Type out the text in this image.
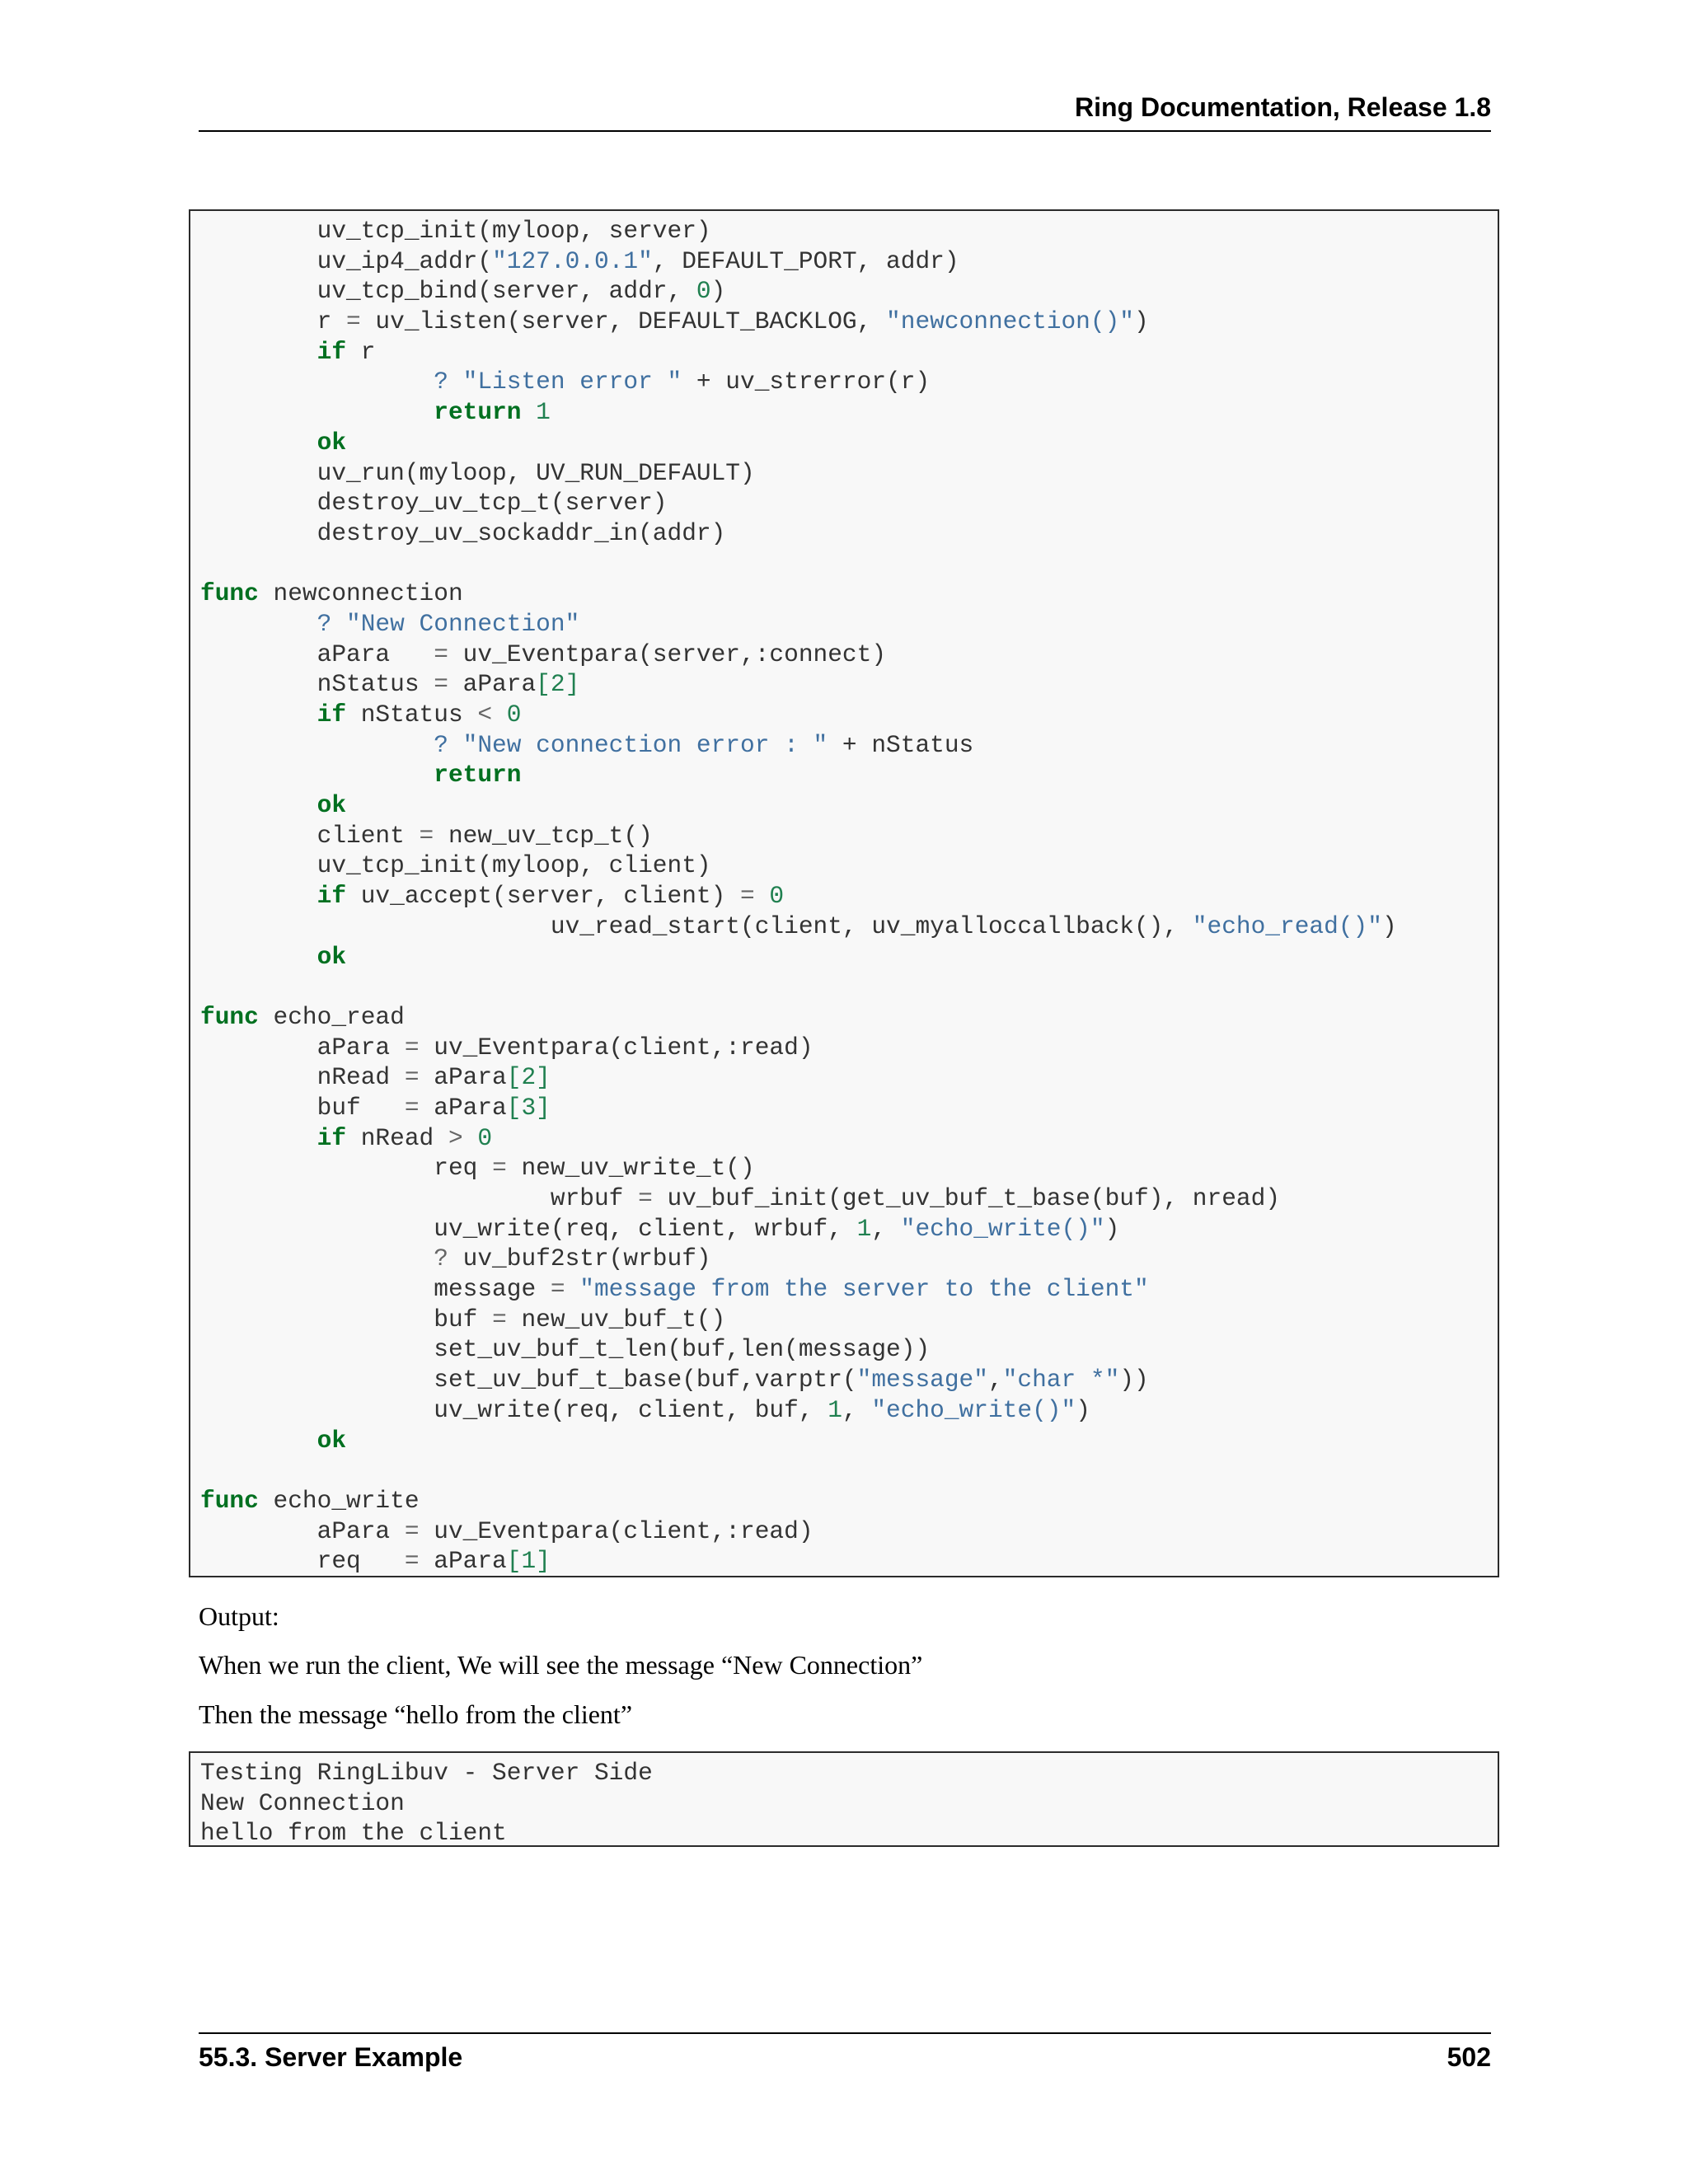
Ring Documentation, Release 1.8
uv_tcp_init(myloop, server)
uv_ip4_addr("127.0.0.1", DEFAULT_PORT, addr)
uv_tcp_bind(server, addr, 0)
r = uv_listen(server, DEFAULT_BACKLOG, "newconnection()")
if r
? "Listen error " + uv_strerror(r)
return 1
ok
uv_run(myloop, UV_RUN_DEFAULT)
destroy_uv_tcp_t(server)
destroy_uv_sockaddr_in(addr)
func newconnection
? "New Connection"
aPara   = uv_Eventpara(server,:connect)
nStatus = aPara[2]
if nStatus < 0
? "New connection error : " + nStatus
return
ok
client = new_uv_tcp_t()
uv_tcp_init(myloop, client)
if uv_accept(server, client) = 0
uv_read_start(client, uv_myalloccallback(), "echo_read()")
ok
func echo_read
aPara = uv_Eventpara(client,:read)
nRead = aPara[2]
buf   = aPara[3]
if nRead > 0
req = new_uv_write_t()
wrbuf = uv_buf_init(get_uv_buf_t_base(buf), nread)
uv_write(req, client, wrbuf, 1, "echo_write()")
? uv_buf2str(wrbuf)
message = "message from the server to the client"
buf = new_uv_buf_t()
set_uv_buf_t_len(buf,len(message))
set_uv_buf_t_base(buf,varptr("message","char *"))
uv_write(req, client, buf, 1, "echo_write()")
ok
func echo_write
aPara = uv_Eventpara(client,:read)
req   = aPara[1]
Output:
When we run the client, We will see the message “New Connection”
Then the message “hello from the client”
Testing RingLibuv - Server Side
New Connection
hello from the client
55.3. Server Example	502
